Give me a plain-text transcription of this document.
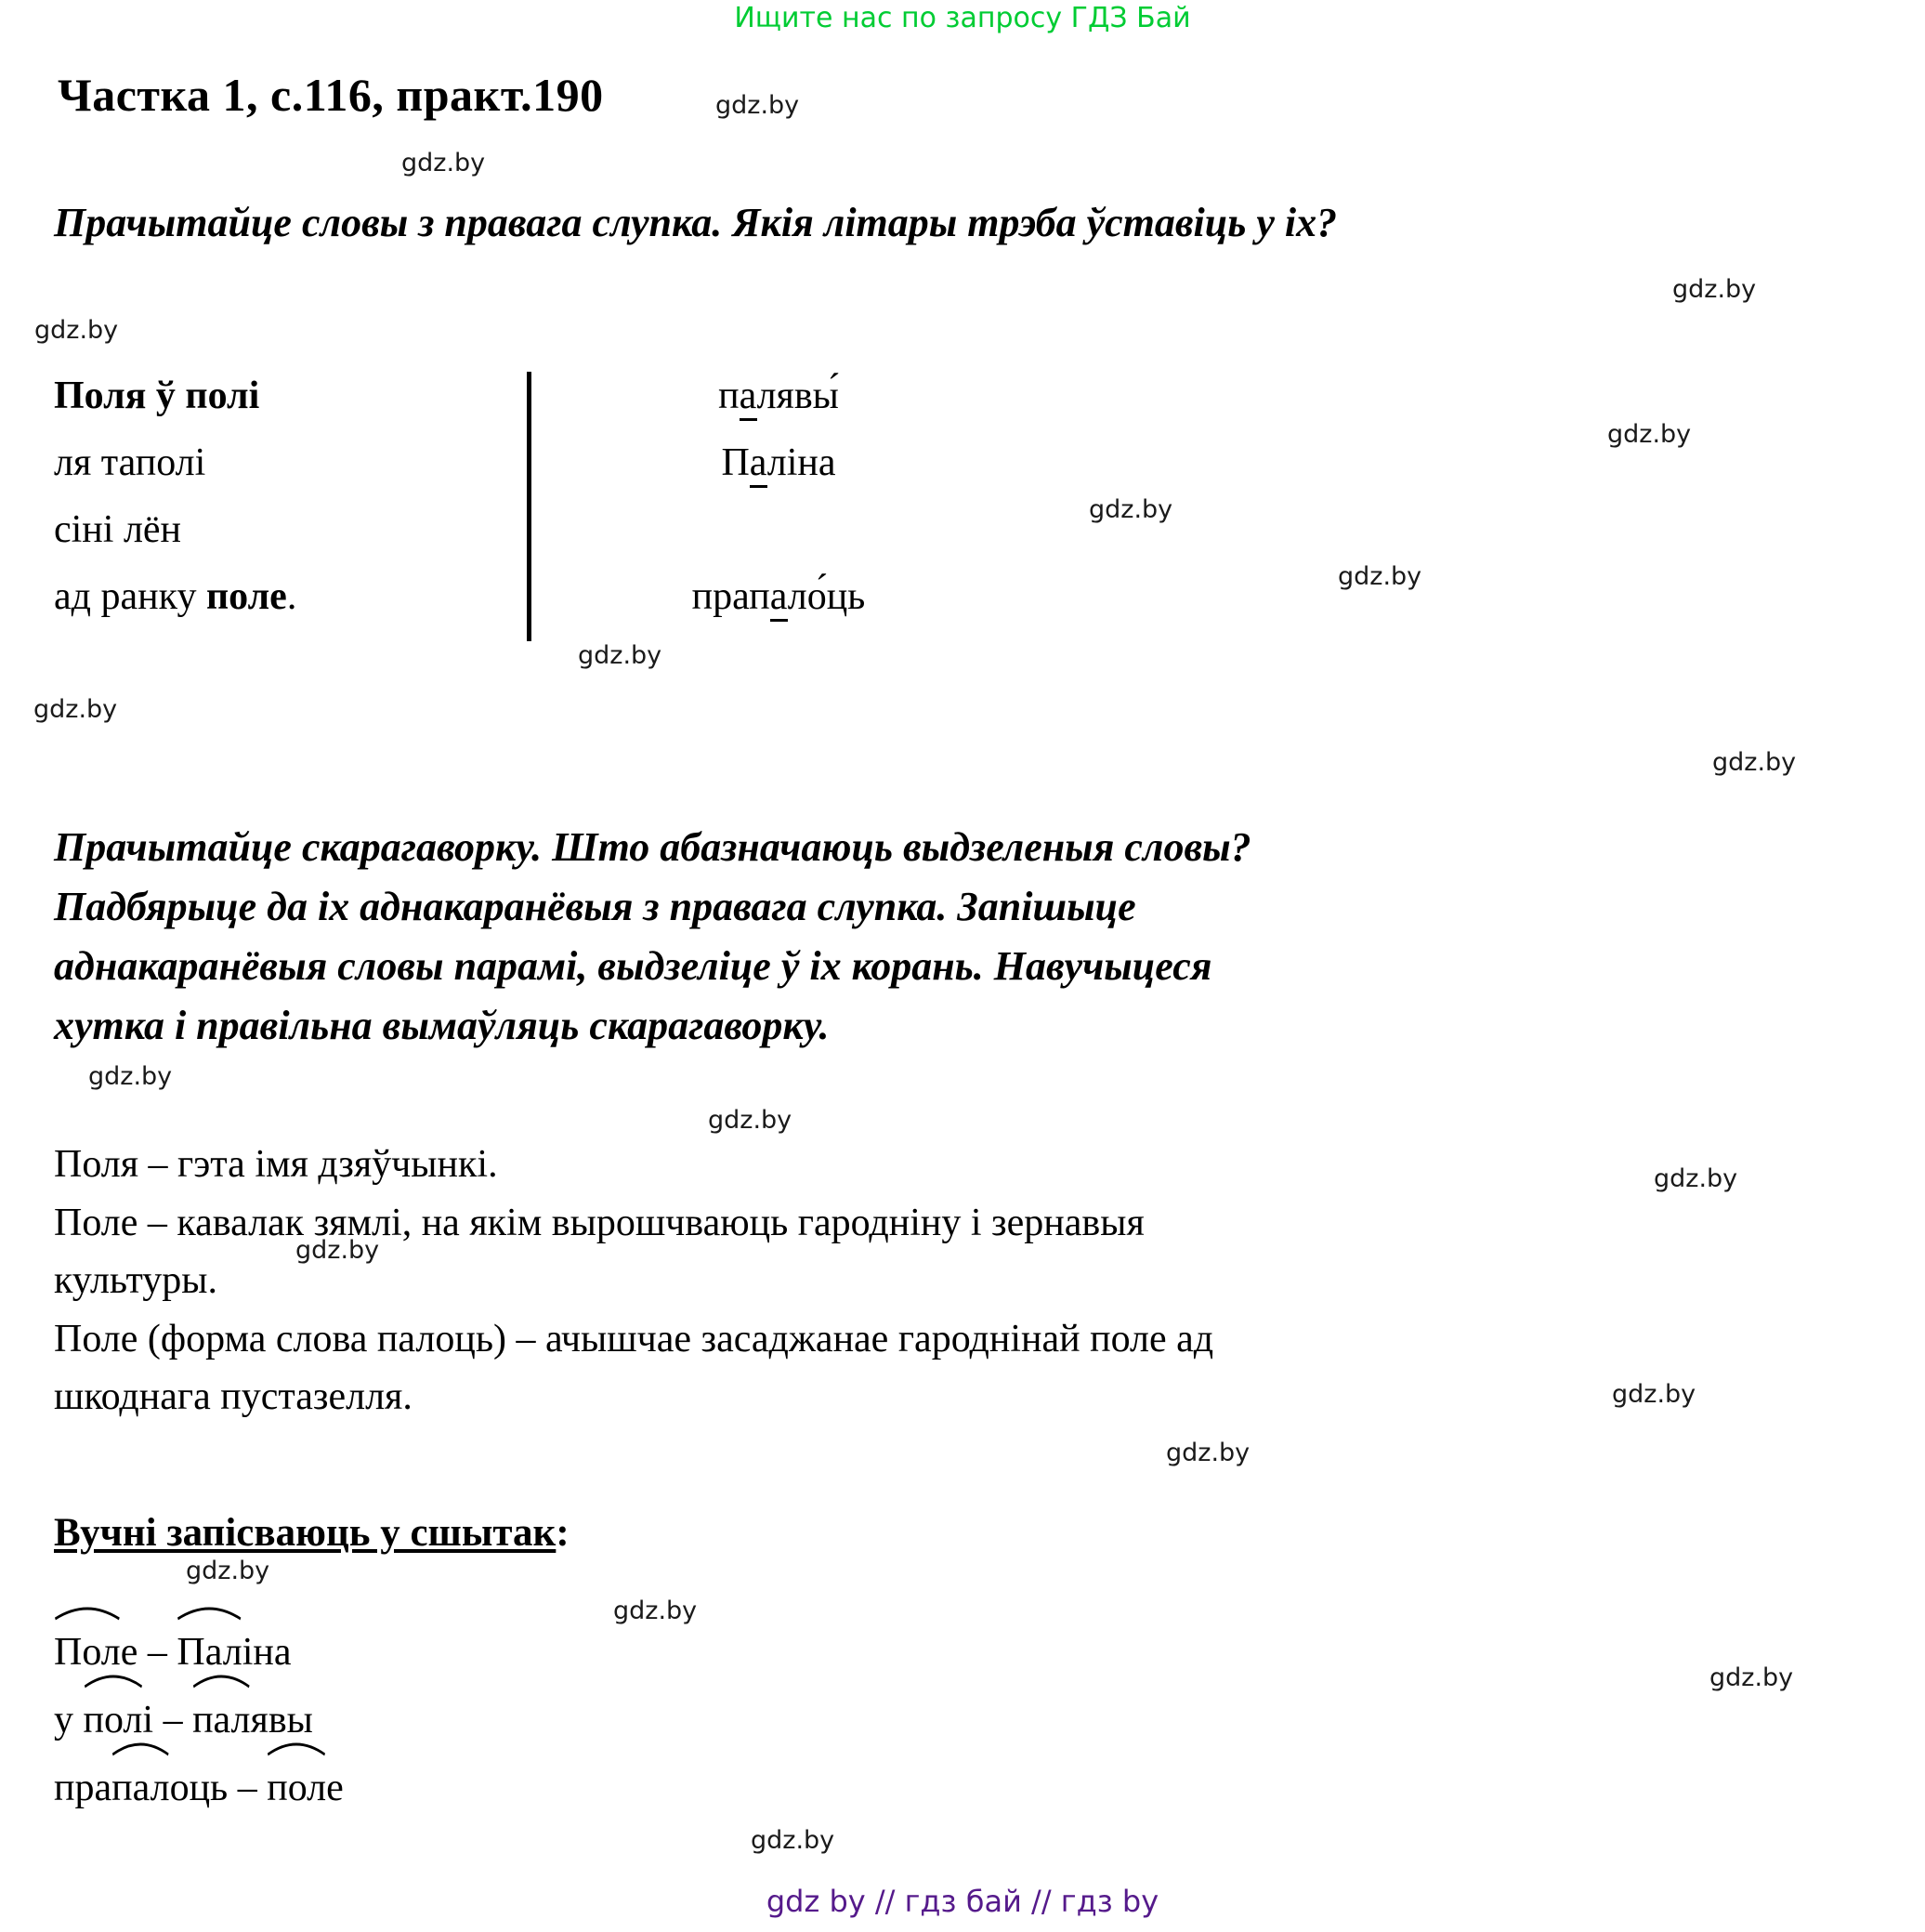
Ищите нас по запросу ГДЗ Бай
Частка 1, с.116, практ.190
Прачытайце словы з правага слупка. Якія літары трэба ўставіць у іх?
Поля ў полі
ля таполі
сіні лён
ад ранку поле.
палявы́
Паліна
прапало́ць
Прачытайце скарагаворку. Што абазначаюць выдзеленыя словы?
Падбярыце да іх аднакаранёвыя з правага слупка. Запішыце
аднакаранёвыя словы парамі, выдзеліце ў іх корань. Навучыцеся
хутка і правільна вымаўляць скарагаворку.
Поля – гэта імя дзяўчынкі.
Поле – кавалак зямлі, на якім вырошчваюць гародніну і зернавыя
культуры.
Поле (форма слова палоць) – ачышчае засаджанае гароднінай поле ад
шкоднага пустазелля.
Вучні запісваюць у сшытак:
Поле –
Паліна
у
полі –
палявы
пра
палоць –
поле
gdz.by
gdz.by
gdz.by
gdz.by
gdz.by
gdz.by
gdz.by
gdz.by
gdz.by
gdz.by
gdz.by
gdz.by
gdz.by
gdz.by
gdz.by
gdz.by
gdz.by
gdz.by
gdz.by
gdz.by
gdz by // гдз бай // гдз by
